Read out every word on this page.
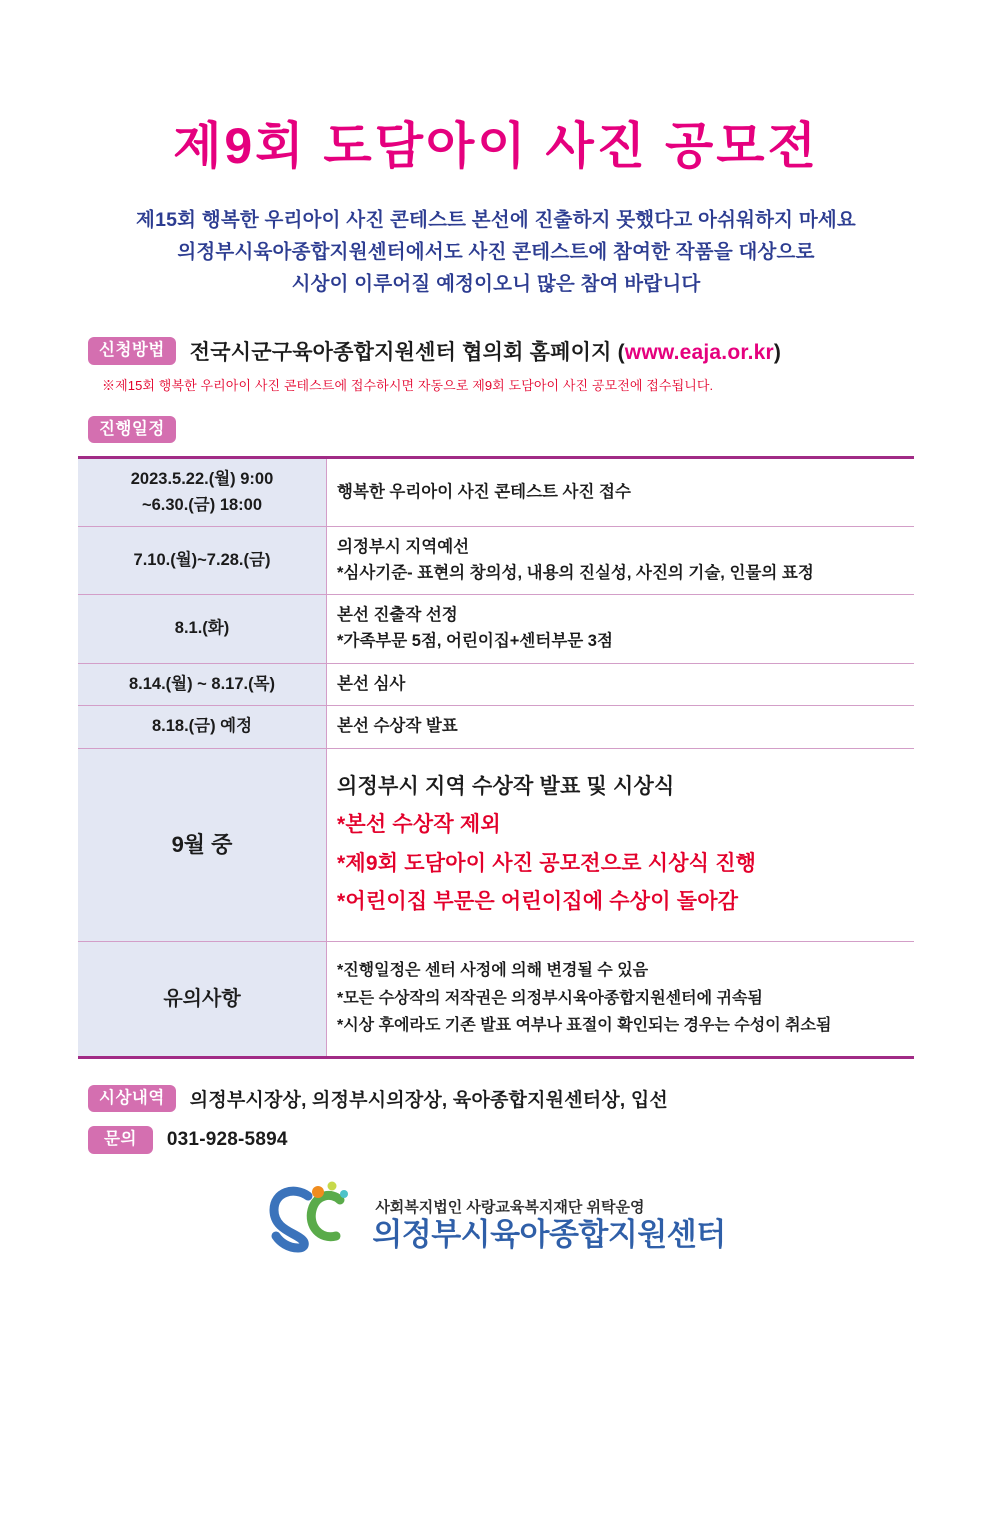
제9회 도담아이 사진 공모전
제15회 행복한 우리아이 사진 콘테스트 본선에 진출하지 못했다고 아쉬워하지 마세요
의정부시육아종합지원센터에서도 사진 콘테스트에 참여한 작품을 대상으로
시상이 이루어질 예정이오니 많은 참여 바랍니다
신청방법	전국시군구육아종합지원센터 협의회 홈페이지 (www.eaja.or.kr)
※제15회 행복한 우리아이 사진 콘테스트에 접수하시면 자동으로 제9회 도담아이 사진 공모전에 접수됩니다.
진행일정
2023.5.22.(월) 9:00
~6.30.(금) 18:00	행복한 우리아이 사진 콘테스트 사진 접수

7.10.(월)~7.28.(금)	의정부시 지역예선
*심사기준- 표현의 창의성, 내용의 진실성, 사진의 기술, 인물의 표정

8.1.(화)	본선 진출작 선정
*가족부문 5점, 어린이집+센터부문 3점

8.14.(월) ~ 8.17.(목)	본선 심사

8.18.(금) 예정	본선 수상작 발표

9월 중	의정부시 지역 수상작 발표 및 시상식
*본선 수상작 제외
*제9회 도담아이 사진 공모전으로 시상식 진행
*어린이집 부문은 어린이집에 수상이 돌아감

유의사항	*진행일정은 센터 사정에 의해 변경될 수 있음
*모든 수상작의 저작권은 의정부시육아종합지원센터에 귀속됨
*시상 후에라도 기존 발표 여부나 표절이 확인되는 경우는 수성이 취소됨
시상내역	의정부시장상, 의정부시의장상, 육아종합지원센터상, 입선
문의	031-928-5894
사회복지법인 사랑교육복지재단 위탁운영
의정부시육아종합지원센터
